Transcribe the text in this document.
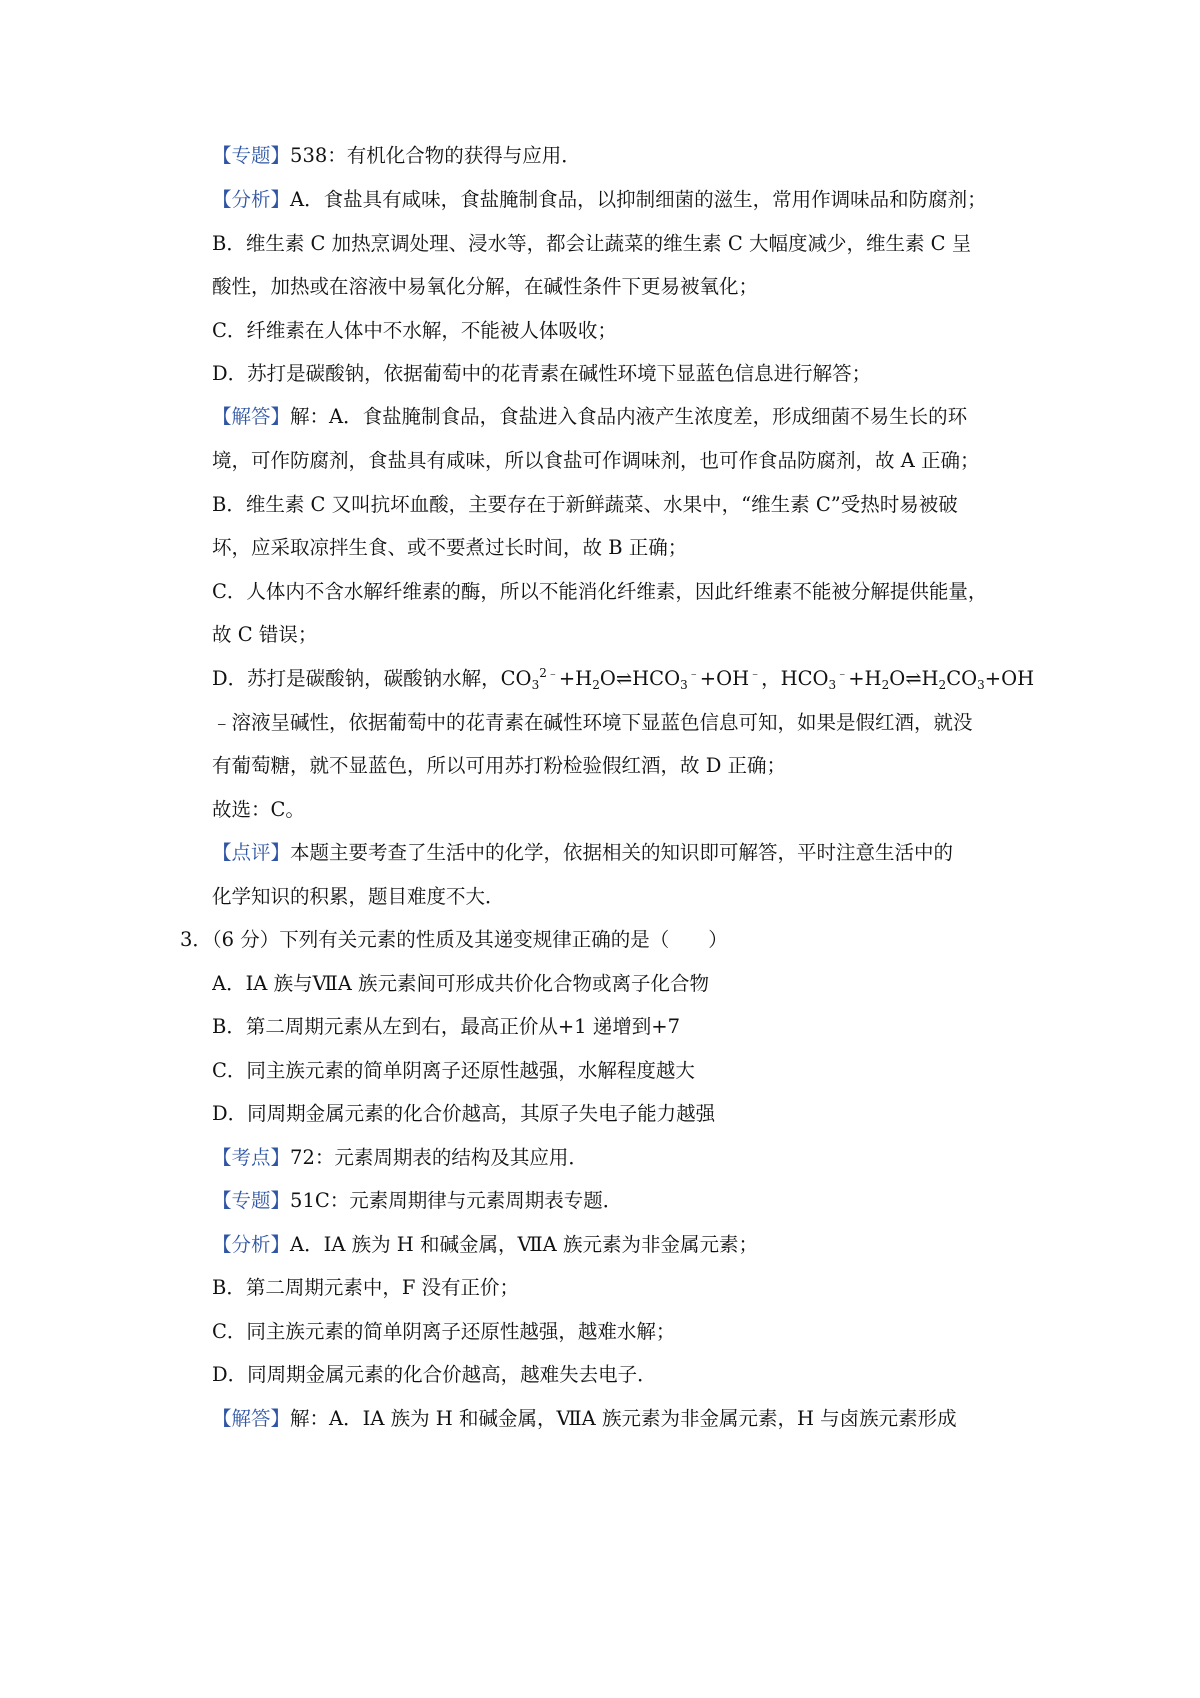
【专题】538：有机化合物的获得与应用．
【分析】A．食盐具有咸味，食盐腌制食品，以抑制细菌的滋生，常用作调味品和防腐剂；
B．维生素 C 加热烹调处理、浸水等，都会让蔬菜的维生素 C 大幅度减少，维生素 C 呈
酸性，加热或在溶液中易氧化分解，在碱性条件下更易被氧化；
C．纤维素在人体中不水解，不能被人体吸收；
D．苏打是碳酸钠，依据葡萄中的花青素在碱性环境下显蓝色信息进行解答；
【解答】解：A．食盐腌制食品，食盐进入食品内液产生浓度差，形成细菌不易生长的环
境，可作防腐剂，食盐具有咸味，所以食盐可作调味剂，也可作食品防腐剂，故 A 正确；
B．维生素 C 又叫抗坏血酸，主要存在于新鲜蔬菜、水果中，“维生素 C”受热时易被破
坏，应采取凉拌生食、或不要煮过长时间，故 B 正确；
C．人体内不含水解纤维素的酶，所以不能消化纤维素，因此纤维素不能被分解提供能量，
故 C 错误；
D．苏打是碳酸钠，碳酸钠水解，$CO_3^{2﹣}+H_2O\rightleftharpoons HCO_3^﹣+OH^﹣$，$HCO_3^﹣+H_2O\rightleftharpoons H_2CO_3+OH$
﹣溶液呈碱性，依据葡萄中的花青素在碱性环境下显蓝色信息可知，如果是假红酒，就没
有葡萄糖，就不显蓝色，所以可用苏打粉检验假红酒，故 D 正确；
故选：C。
【点评】本题主要考查了生活中的化学，依据相关的知识即可解答，平时注意生活中的
化学知识的积累，题目难度不大．
3．（6 分）下列有关元素的性质及其递变规律正确的是（　　）
A．ⅠA 族与ⅦA 族元素间可形成共价化合物或离子化合物
B．第二周期元素从左到右，最高正价从+1 递增到+7
C．同主族元素的简单阴离子还原性越强，水解程度越大
D．同周期金属元素的化合价越高，其原子失电子能力越强
【考点】72：元素周期表的结构及其应用．
【专题】51C：元素周期律与元素周期表专题．
【分析】A．ⅠA 族为 H 和碱金属，ⅦA 族元素为非金属元素；
B．第二周期元素中，F 没有正价；
C．同主族元素的简单阴离子还原性越强，越难水解；
D．同周期金属元素的化合价越高，越难失去电子．
【解答】解：A．ⅠA 族为 H 和碱金属，ⅦA 族元素为非金属元素，H 与卤族元素形成
